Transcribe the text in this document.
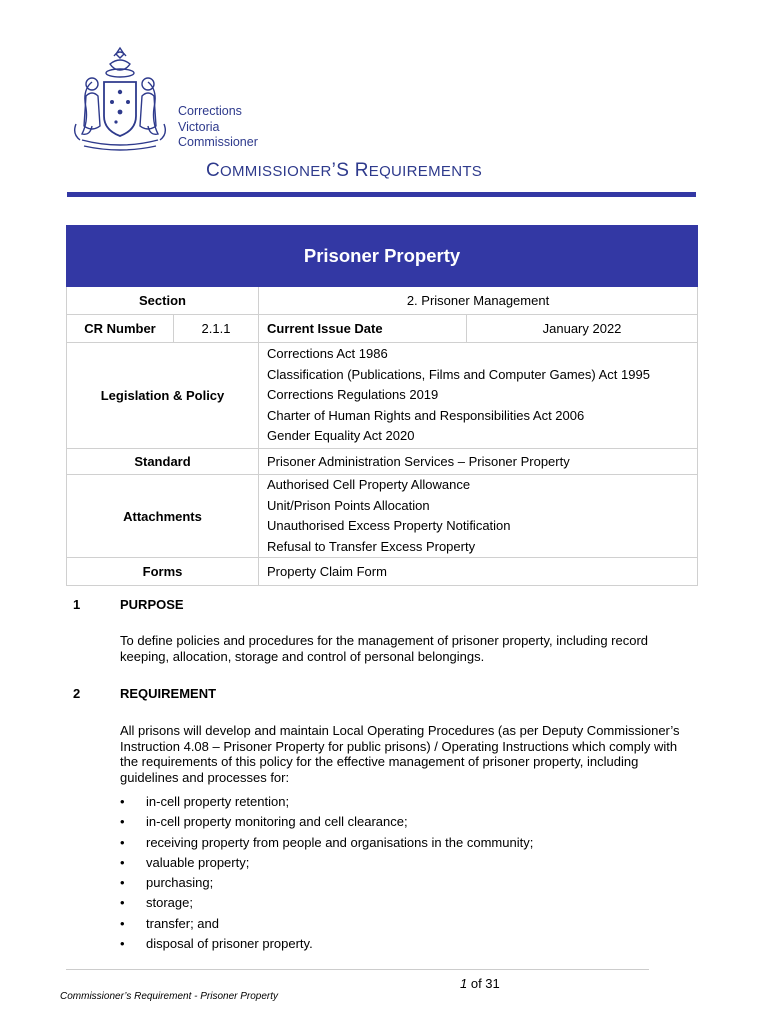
Corrections
Victoria
Commissioner
COMMISSIONER’S REQUIREMENTS
Prisoner Property			
Section		2. Prisoner Management	
CR Number	2.1.1	Current Issue Date	January 2022
Legislation & Policy		Corrections Act 1986
Classification (Publications, Films and Computer Games) Act 1995
Corrections Regulations 2019
Charter of Human Rights and Responsibilities Act 2006
Gender Equality Act 2020	

Standard		Prisoner Administration Services – Prisoner Property	
Attachments		Authorised Cell Property Allowance
Unit/Prison Points Allocation
Unauthorised Excess Property Notification
Refusal to Transfer Excess Property	

Forms		Property Claim Form	
1	PURPOSE
To define policies and procedures for the management of prisoner property, including record keeping, allocation, storage and control of personal belongings.
2	REQUIREMENT
All prisons will develop and maintain Local Operating Procedures (as per Deputy Commissioner’s Instruction 4.08 – Prisoner Property for public prisons) / Operating Instructions which comply with the requirements of this policy for the effective management of prisoner property, including guidelines and processes for:
• in-cell property retention;
• in-cell property monitoring and cell clearance;
• receiving property from people and organisations in the community;
• valuable property;
• purchasing;
• storage;
• transfer; and
• disposal of prisoner property.
1 of 31
Commissioner’s Requirement - Prisoner Property
